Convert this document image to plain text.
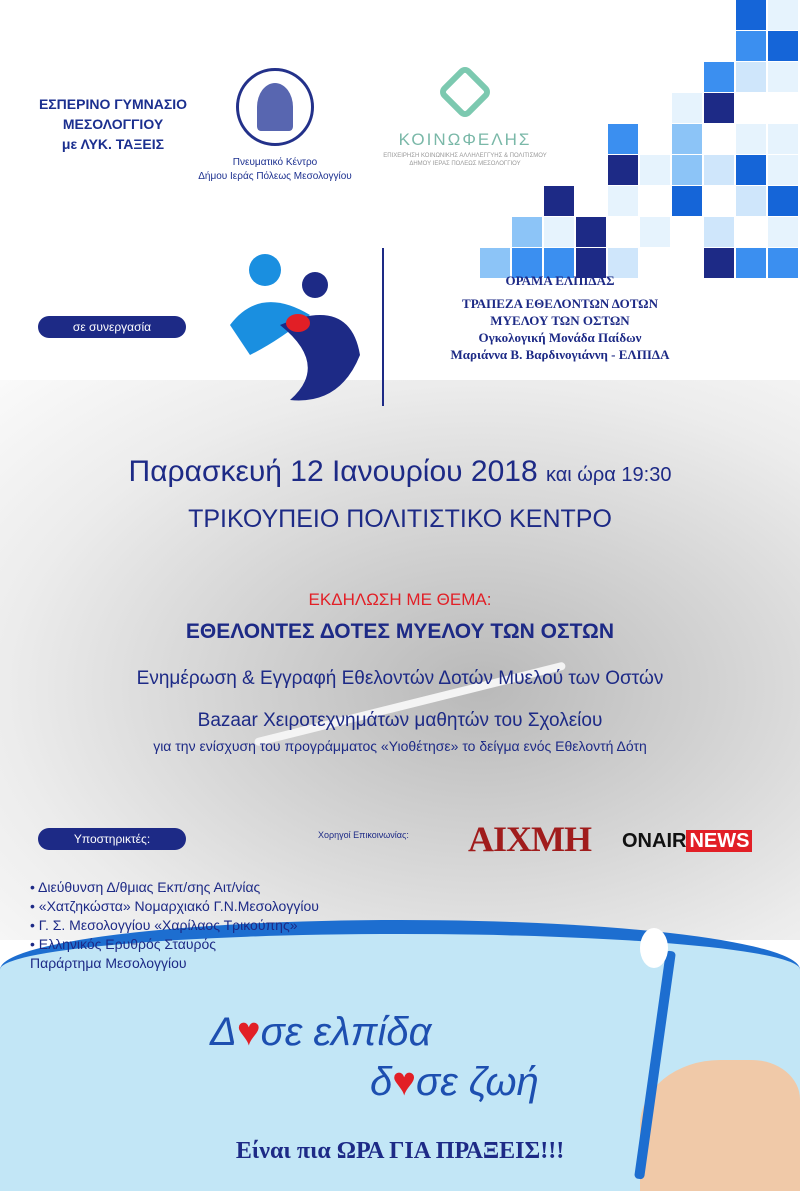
ΕΣΠΕΡΙΝΟ ΓΥΜΝΑΣΙΟ
ΜΕΣΟΛΟΓΓΙΟΥ
με ΛΥΚ. ΤΑΞΕΙΣ
Πνευματικό Κέντρο
Δήμου Ιεράς Πόλεως Μεσολογγίου
ΚΟΙΝΩΦΕΛΗΣ
ΕΠΙΧΕΙΡΗΣΗ ΚΟΙΝΩΝΙΚΗΣ ΑΛΛΗΛΕΓΓΥΗΣ & ΠΟΛΙΤΙΣΜΟΥ
ΔΗΜΟΥ ΙΕΡΑΣ ΠΟΛΕΩΣ ΜΕΣΟΛΟΓΓΙΟΥ
σε συνεργασία
ΟΡΑΜΑ ΕΛΠΙΔΑΣ
ΤΡΑΠΕΖΑ ΕΘΕΛΟΝΤΩΝ ΔΟΤΩΝ
ΜΥΕΛΟΥ ΤΩΝ ΟΣΤΩΝ
Ογκολογική Μονάδα Παίδων
Μαριάννα Β. Βαρδινογιάννη - ΕΛΠΙΔΑ
Παρασκευή 12 Ιανουρίου 2018 και ώρα 19:30
ΤΡΙΚΟΥΠΕΙΟ ΠΟΛΙΤΙΣΤΙΚΟ ΚΕΝΤΡΟ
ΕΚΔΗΛΩΣΗ ΜΕ ΘΕΜΑ:
ΕΘΕΛΟΝΤΕΣ ΔΟΤΕΣ ΜΥΕΛΟΥ ΤΩΝ ΟΣΤΩΝ
Ενημέρωση & Εγγραφή Εθελοντών Δοτών Μυελού των Οστών
Bazaar Χειροτεχνημάτων μαθητών του Σχολείου
για την ενίσχυση του προγράμματος «Υιοθέτησε» το δείγμα ενός Εθελοντή Δότη
Υποστηρικτές:	Χορηγοί Επικοινωνίας: ΑΙΧΜΗ ONAIR NEWS
• Διεύθυνση Δ/θμιας Εκπ/σης Αιτ/νίας
• «Χατζηκώστα» Νομαρχιακό Γ.Ν.Μεσολογγίου
• Γ. Σ. Μεσολογγίου «Χαρίλαος Τρικούπης»
• Ελληνικός Ερυθρός Σταυρός
Παράρτημα Μεσολογγίου
Δ♥σε ελπίδα
δ♥σε ζωή
Είναι πια ΩΡΑ ΓΙΑ ΠΡΑΞΕΙΣ!!!
